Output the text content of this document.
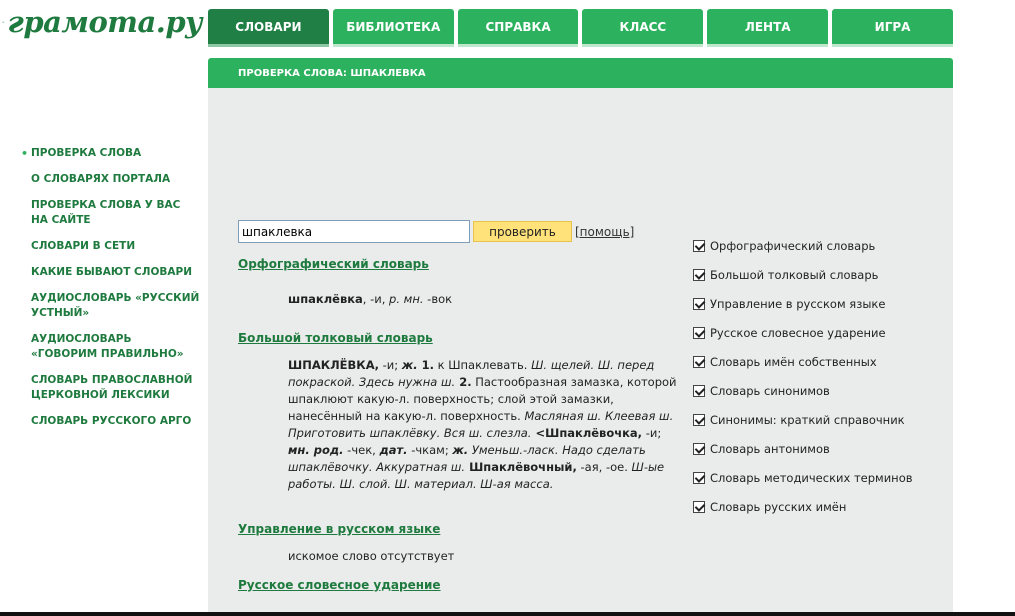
грамота.ру	СЛОВАРИ	БИБЛИОТЕКА	СПРАВКА	КЛАСС	ЛЕНТА	ИГРА
ПРОВЕРКА СЛОВА: ШПАКЛЕВКА
• ПРОВЕРКА СЛОВА
О СЛОВАРЯХ ПОРТАЛА
ПРОВЕРКА СЛОВА У ВАС НА САЙТЕ
СЛОВАРИ В СЕТИ
КАКИЕ БЫВАЮТ СЛОВАРИ
АУДИОСЛОВАРЬ «РУССКИЙ УСТНЫЙ»
АУДИОСЛОВАРЬ «ГОВОРИМ ПРАВИЛЬНО»
СЛОВАРЬ ПРАВОСЛАВНОЙ ЦЕРКОВНОЙ ЛЕКСИКИ
СЛОВАРЬ РУССКОГО АРГО
шпаклевка
проверить	[помощь]
Орфографический словарь
шпаклёвка, -и, р. мн. -вок
Большой толковый словарь
ШПАКЛЁВКА, -и; ж. 1. к Шпаклевать. Ш. щелей. Ш. перед покраской. Здесь нужна ш. 2. Пастообразная замазка, которой шпаклюют какую-л. поверхность; слой этой замазки, нанесённый на какую-л. поверхность. Масляная ш. Клеевая ш. Приготовить шпаклёвку. Вся ш. слезла. <Шпаклёвочка, -и; мн. род. -чек, дат. -чкам; ж. Уменьш.-ласк. Надо сделать шпаклёвочку. Аккуратная ш. Шпаклёвочный, -ая, -ое. Ш-ые работы. Ш. слой. Ш. материал. Ш-ая масса.
Управление в русском языке
искомое слово отсутствует
Русское словесное ударение
Орфографический словарь
Большой толковый словарь
Управление в русском языке
Русское словесное ударение
Словарь имён собственных
Словарь синонимов
Синонимы: краткий справочник
Словарь антонимов
Словарь методических терминов
Словарь русских имён
